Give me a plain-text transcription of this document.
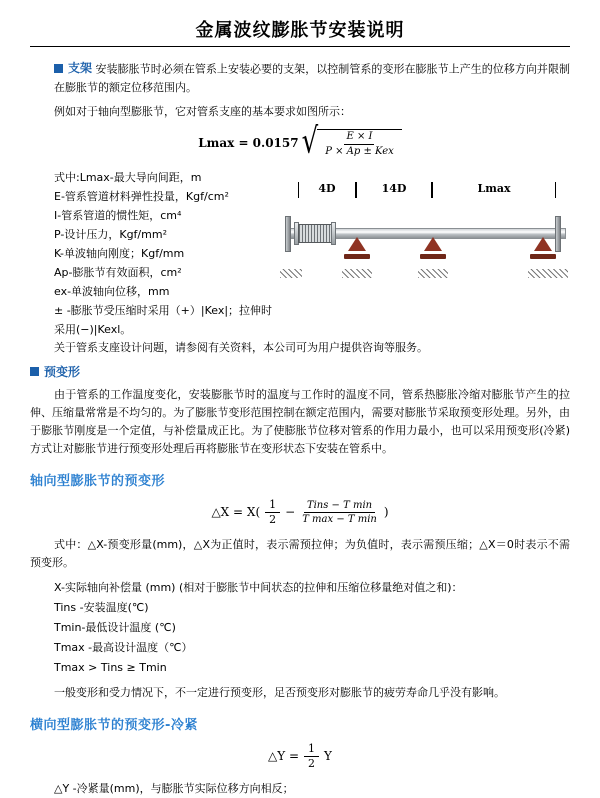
金属波纹膨胀节安装说明

支架 安装膨胀节时必须在管系上安装必要的支架，以控制管系的变形在膨胀节上产生的位移方向并限制在膨胀节的额定位移范围内。

例如对于轴向型膨胀节，它对管系支座的基本要求如图所示：

Lmax = 0.0157 √ $\frac{E \times I}{\text{P × Ap ± Kex}}$
式中:Lmax-最大导向间距，m
E-管系管道材料弹性投量，Kgf/cm²
I-管系管道的惯性矩，cm⁴
P-设计压力，Kgf/mm²
K-单波轴向刚度；Kgf/mm
Ap-膨胀节有效面积，cm²
ex-单波轴向位移，mm
± -膨胀节受压缩时采用（+）|Kex|；拉伸时采用(−)|Kexl。
4D	14D	Lmax

关于管系支座设计问题，请参阅有关资料，本公司可为用户提供咨询等服务。

预变形

由于管系的工作温度变化，安装膨胀节时的温度与工作时的温度不同，管系热膨胀冷缩对膨胀节产生的拉伸、压缩量常常是不均匀的。为了膨胀节变形范围控制在额定范围内，需要对膨胀节采取预变形处理。另外，由于膨胀节刚度是一个定值，与补偿量成正比。为了使膨胀节位移对管系的作用力最小，也可以采用预变形(冷紧)方式让对膨胀节进行预变形处理后再将膨胀节在变形状态下安装在管系中。

轴向型膨胀节的预变形
△X = $X( \frac{1}{2} - \frac{\text{Tins − T min}}{\text{T max − T min}}$ )

式中：△X-预变形量(mm)，△X为正值时，表示需预拉伸；为负值时，表示需预压缩；△X＝0时表示不需预变形。

X-实际轴向补偿量 (mm) (相对于膨胀节中间状态的拉伸和压缩位移量绝对值之和)：
Tins -安装温度(℃)
Tmin-最低设计温度 (℃)
Tmax -最高设计温度（℃）
Tmax > Tins ≥ Tmin

一般变形和受力情况下，不一定进行预变形，足否预变形对膨胀节的疲劳寿命几乎没有影响。

横向型膨胀节的预变形-冷紧
△Y = $\frac{1}{2}$ Y

△Y -冷紧量(mm)，与膨胀节实际位移方向相反；
